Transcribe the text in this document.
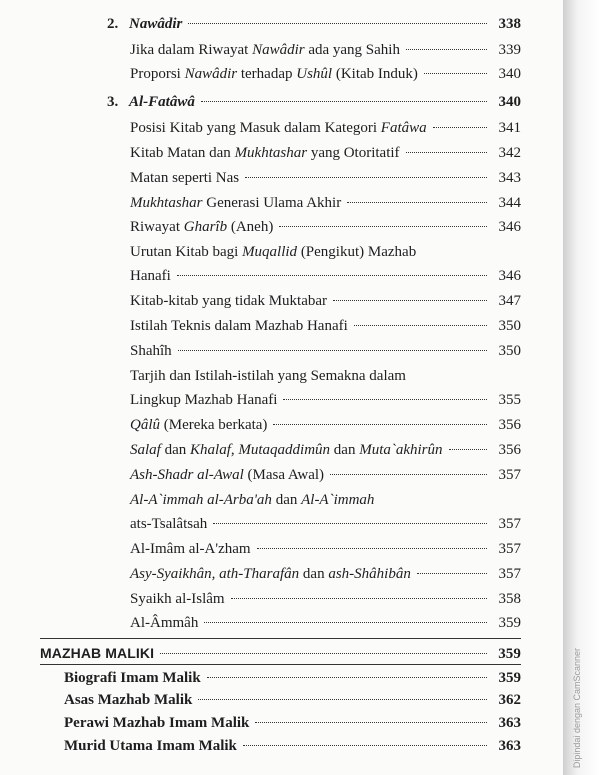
2. Nawâdir	338
Jika dalam Riwayat Nawâdir ada yang Sahih	339
Proporsi Nawâdir terhadap Ushûl (Kitab Induk)	340
3. Al-Fatâwâ	340
Posisi Kitab yang Masuk dalam Kategori Fatâwa	341
Kitab Matan dan Mukhtashar yang Otoritatif	342
Matan seperti Nas	343
Mukhtashar Generasi Ulama Akhir	344
Riwayat Gharîb (Aneh)	346
Urutan Kitab bagi Muqallid (Pengikut) Mazhab
Hanafi	346
Kitab-kitab yang tidak Muktabar	347
Istilah Teknis dalam Mazhab Hanafi	350
Shahîh	350
Tarjih dan Istilah-istilah yang Semakna dalam
Lingkup Mazhab Hanafi	355
Qâlû (Mereka berkata)	356
Salaf dan Khalaf, Mutaqaddimûn dan Muta`akhirûn	356
Ash-Shadr al-Awal (Masa Awal)	357
Al-A`immah al-Arba'ah dan Al-A`immah
ats-Tsalâtsah	357
Al-Imâm al-A'zham	357
Asy-Syaikhân, ath-Tharafân dan ash-Shâhibân	357
Syaikh al-Islâm	358
Al-Âmmâh	359
MAZHAB MALIKI	359
Biografi Imam Malik	359
Asas Mazhab Malik	362
Perawi Mazhab Imam Malik	363
Murid Utama Imam Malik	363	Dipindai dengan CamScanner
